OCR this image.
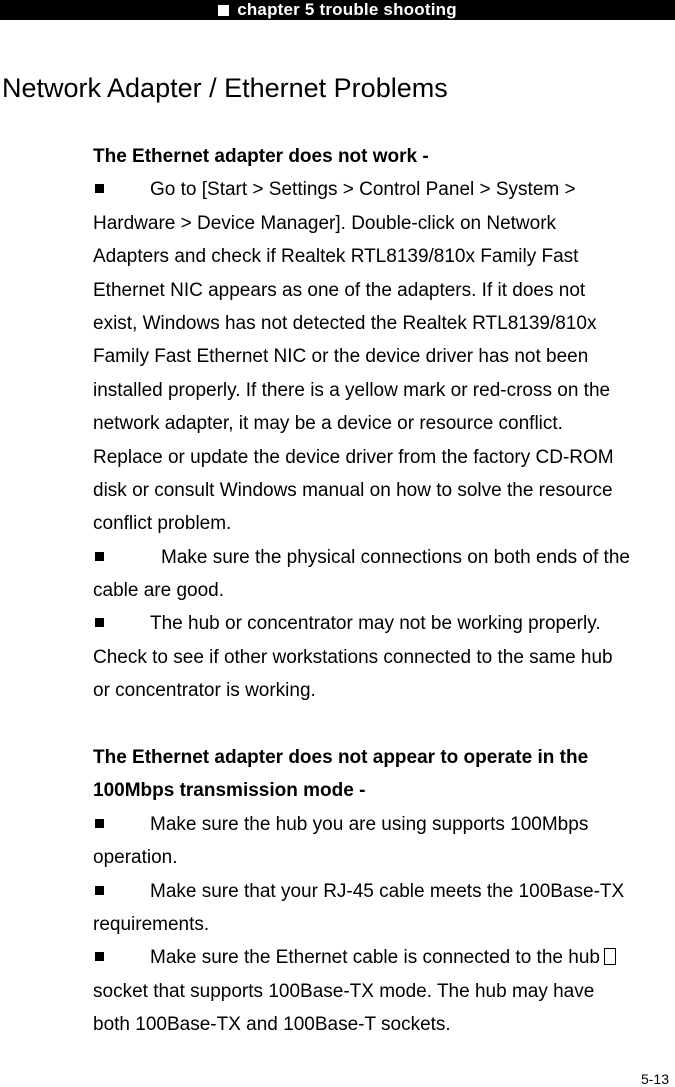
chapter 5 trouble shooting
Network Adapter / Ethernet Problems
The Ethernet adapter does not work -
Go to [Start > Settings > Control Panel > System >
Hardware > Device Manager]. Double-click on Network
Adapters and check if Realtek RTL8139/810x Family Fast
Ethernet NIC appears as one of the adapters. If it does not
exist, Windows has not detected the Realtek RTL8139/810x
Family Fast Ethernet NIC or the device driver has not been
installed properly. If there is a yellow mark or red-cross on the
network adapter, it may be a device or resource conflict.
Replace or update the device driver from the factory CD-ROM
disk or consult Windows manual on how to solve the resource
conflict problem.
Make sure the physical connections on both ends of the
cable are good.
The hub or concentrator may not be working properly.
Check to see if other workstations connected to the same hub
or concentrator is working.
The Ethernet adapter does not appear to operate in the
100Mbps transmission mode -
Make sure the hub you are using supports 100Mbps
operation.
Make sure that your RJ-45 cable meets the 100Base-TX
requirements.
Make sure the Ethernet cable is connected to the hub
socket that supports 100Base-TX mode. The hub may have
both 100Base-TX and 100Base-T sockets.
5-13
